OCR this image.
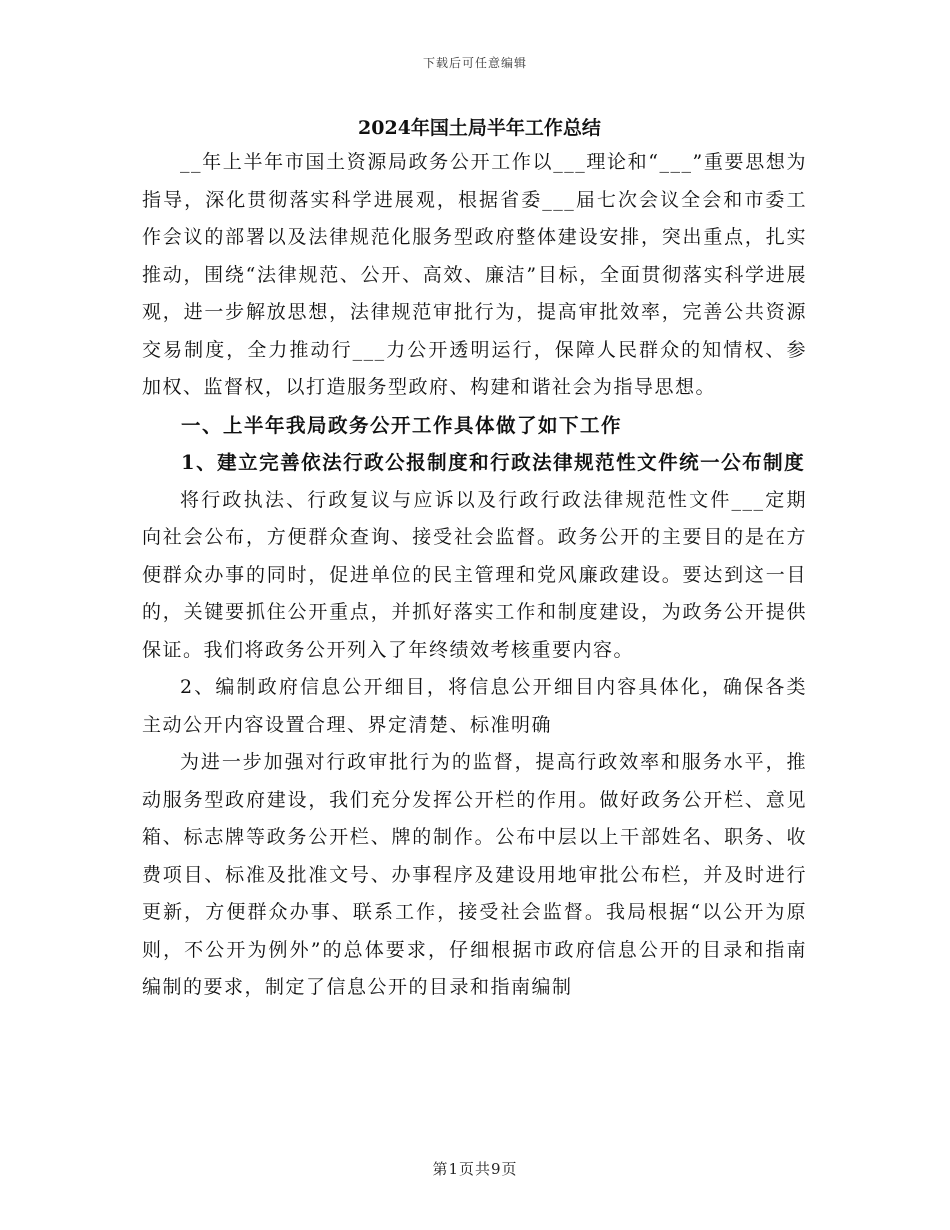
下载后可任意编辑

2024年国土局半年工作总结

__年上半年市国土资源局政务公开工作以___理论和“___”重要思想为指导，深化贯彻落实科学进展观，根据省委___届七次会议全会和市委工作会议的部署以及法律规范化服务型政府整体建设安排，突出重点，扎实推动，围绕“法律规范、公开、高效、廉洁”目标，全面贯彻落实科学进展观，进一步解放思想，法律规范审批行为，提高审批效率，完善公共资源交易制度，全力推动行___力公开透明运行，保障人民群众的知情权、参加权、监督权，以打造服务型政府、构建和谐社会为指导思想。

一、上半年我局政务公开工作具体做了如下工作

1、建立完善依法行政公报制度和行政法律规范性文件统一公布制度

将行政执法、行政复议与应诉以及行政行政法律规范性文件___定期向社会公布，方便群众查询、接受社会监督。政务公开的主要目的是在方便群众办事的同时，促进单位的民主管理和党风廉政建设。要达到这一目的，关键要抓住公开重点，并抓好落实工作和制度建设，为政务公开提供保证。我们将政务公开列入了年终绩效考核重要内容。

2、编制政府信息公开细目，将信息公开细目内容具体化，确保各类主动公开内容设置合理、界定清楚、标准明确

为进一步加强对行政审批行为的监督，提高行政效率和服务水平，推动服务型政府建设，我们充分发挥公开栏的作用。做好政务公开栏、意见箱、标志牌等政务公开栏、牌的制作。公布中层以上干部姓名、职务、收费项目、标准及批准文号、办事程序及建设用地审批公布栏，并及时进行更新，方便群众办事、联系工作，接受社会监督。我局根据“以公开为原则，不公开为例外”的总体要求，仔细根据市政府信息公开的目录和指南编制的要求，制定了信息公开的目录和指南编制

第1页共9页
